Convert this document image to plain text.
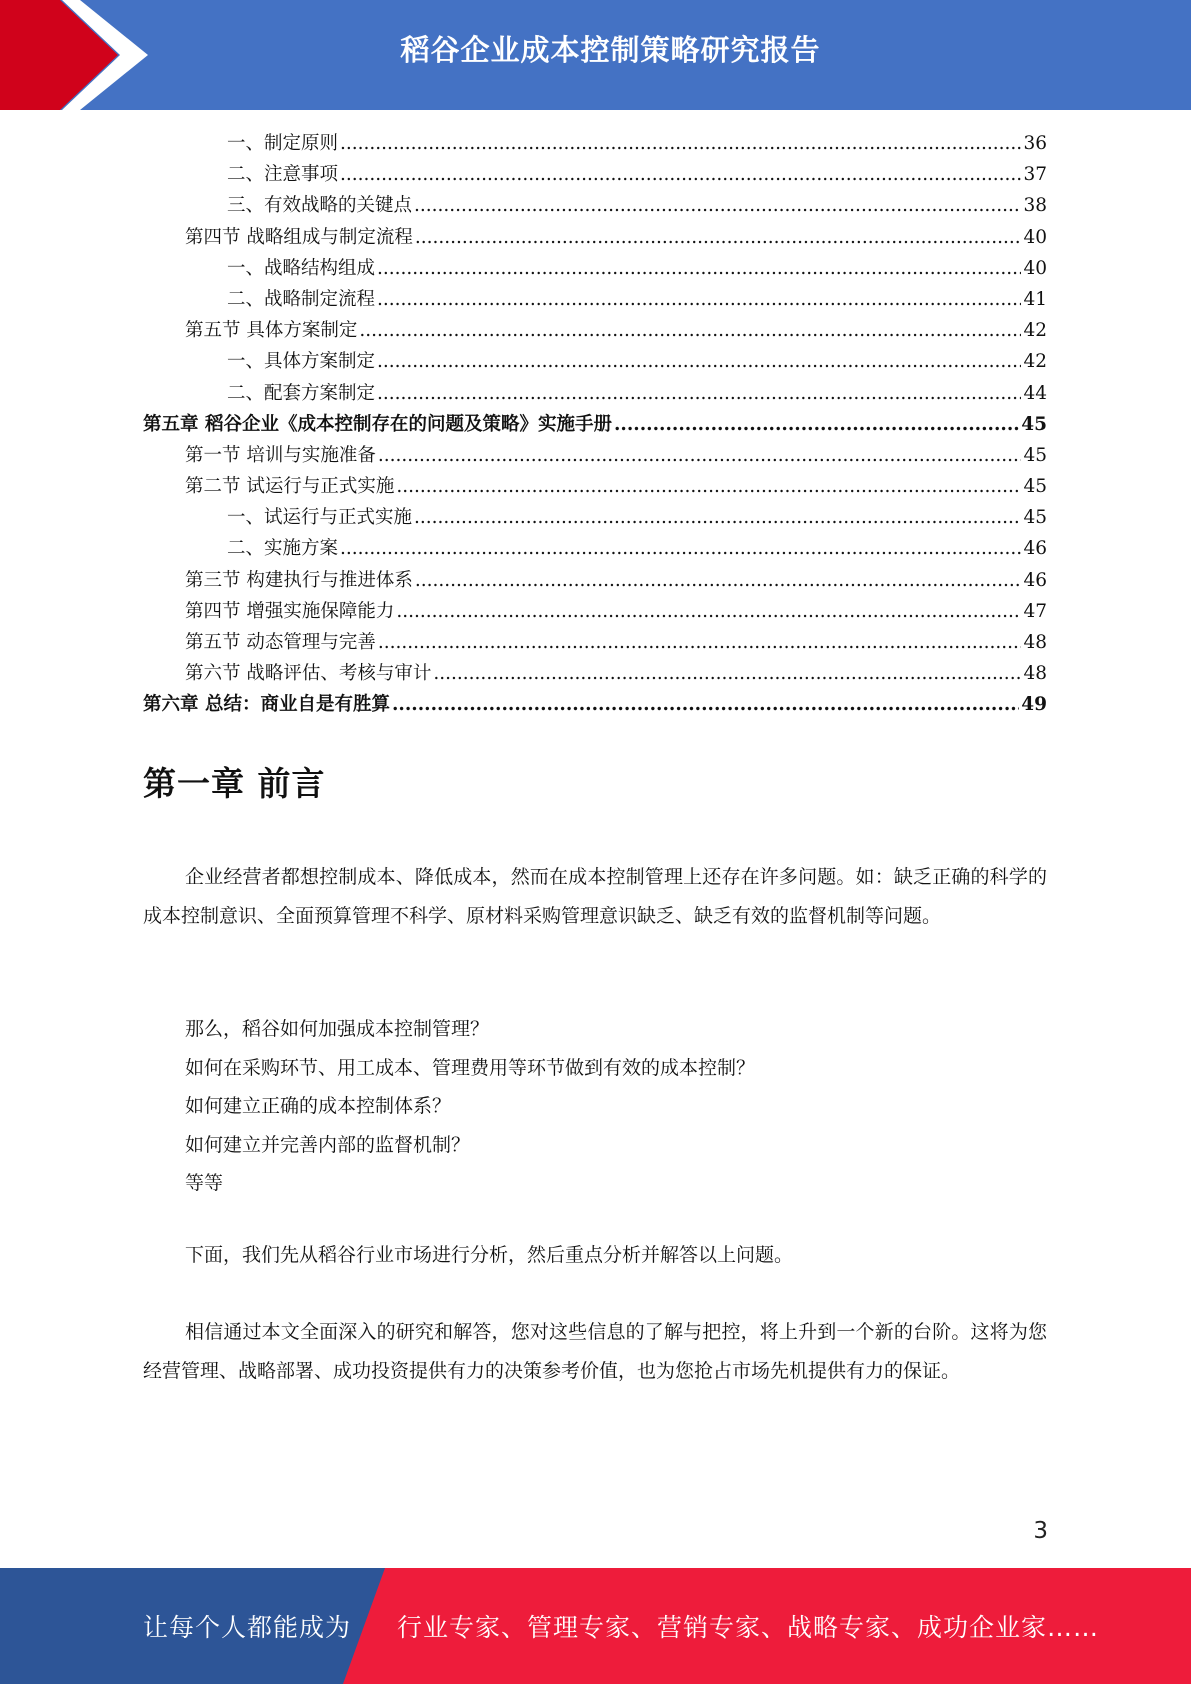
稻谷企业成本控制策略研究报告
一、制定原则 .....	36
二、注意事项 .....	37
三、有效战略的关键点 .....	38
第四节 战略组成与制定流程 .....	40
一、战略结构组成 .....	40
二、战略制定流程 .....	41
第五节 具体方案制定 .....	42
一、具体方案制定 .....	42
二、配套方案制定 .....	44
第五章 稻谷企业《成本控制存在的问题及策略》实施手册 .....	45
第一节 培训与实施准备 .....	45
第二节 试运行与正式实施 .....	45
一、试运行与正式实施 .....	45
二、实施方案 .....	46
第三节 构建执行与推进体系 .....	46
第四节 增强实施保障能力 .....	47
第五节 动态管理与完善 .....	48
第六节 战略评估、考核与审计 .....	48
第六章 总结：商业自是有胜算 .....	49
第一章 前言

企业经营者都想控制成本、降低成本，然而在成本控制管理上还存在许多问题。如：缺乏正确的科学的成本控制意识、全面预算管理不科学、原材料采购管理意识缺乏、缺乏有效的监督机制等问题。

那么，稻谷如何加强成本控制管理？
如何在采购环节、用工成本、管理费用等环节做到有效的成本控制？
如何建立正确的成本控制体系？
如何建立并完善内部的监督机制？
等等

下面，我们先从稻谷行业市场进行分析，然后重点分析并解答以上问题。

相信通过本文全面深入的研究和解答，您对这些信息的了解与把控，将上升到一个新的台阶。这将为您经营管理、战略部署、成功投资提供有力的决策参考价值，也为您抢占市场先机提供有力的保证。

3
让每个人都能成为 行业专家、管理专家、营销专家、战略专家、成功企业家……
